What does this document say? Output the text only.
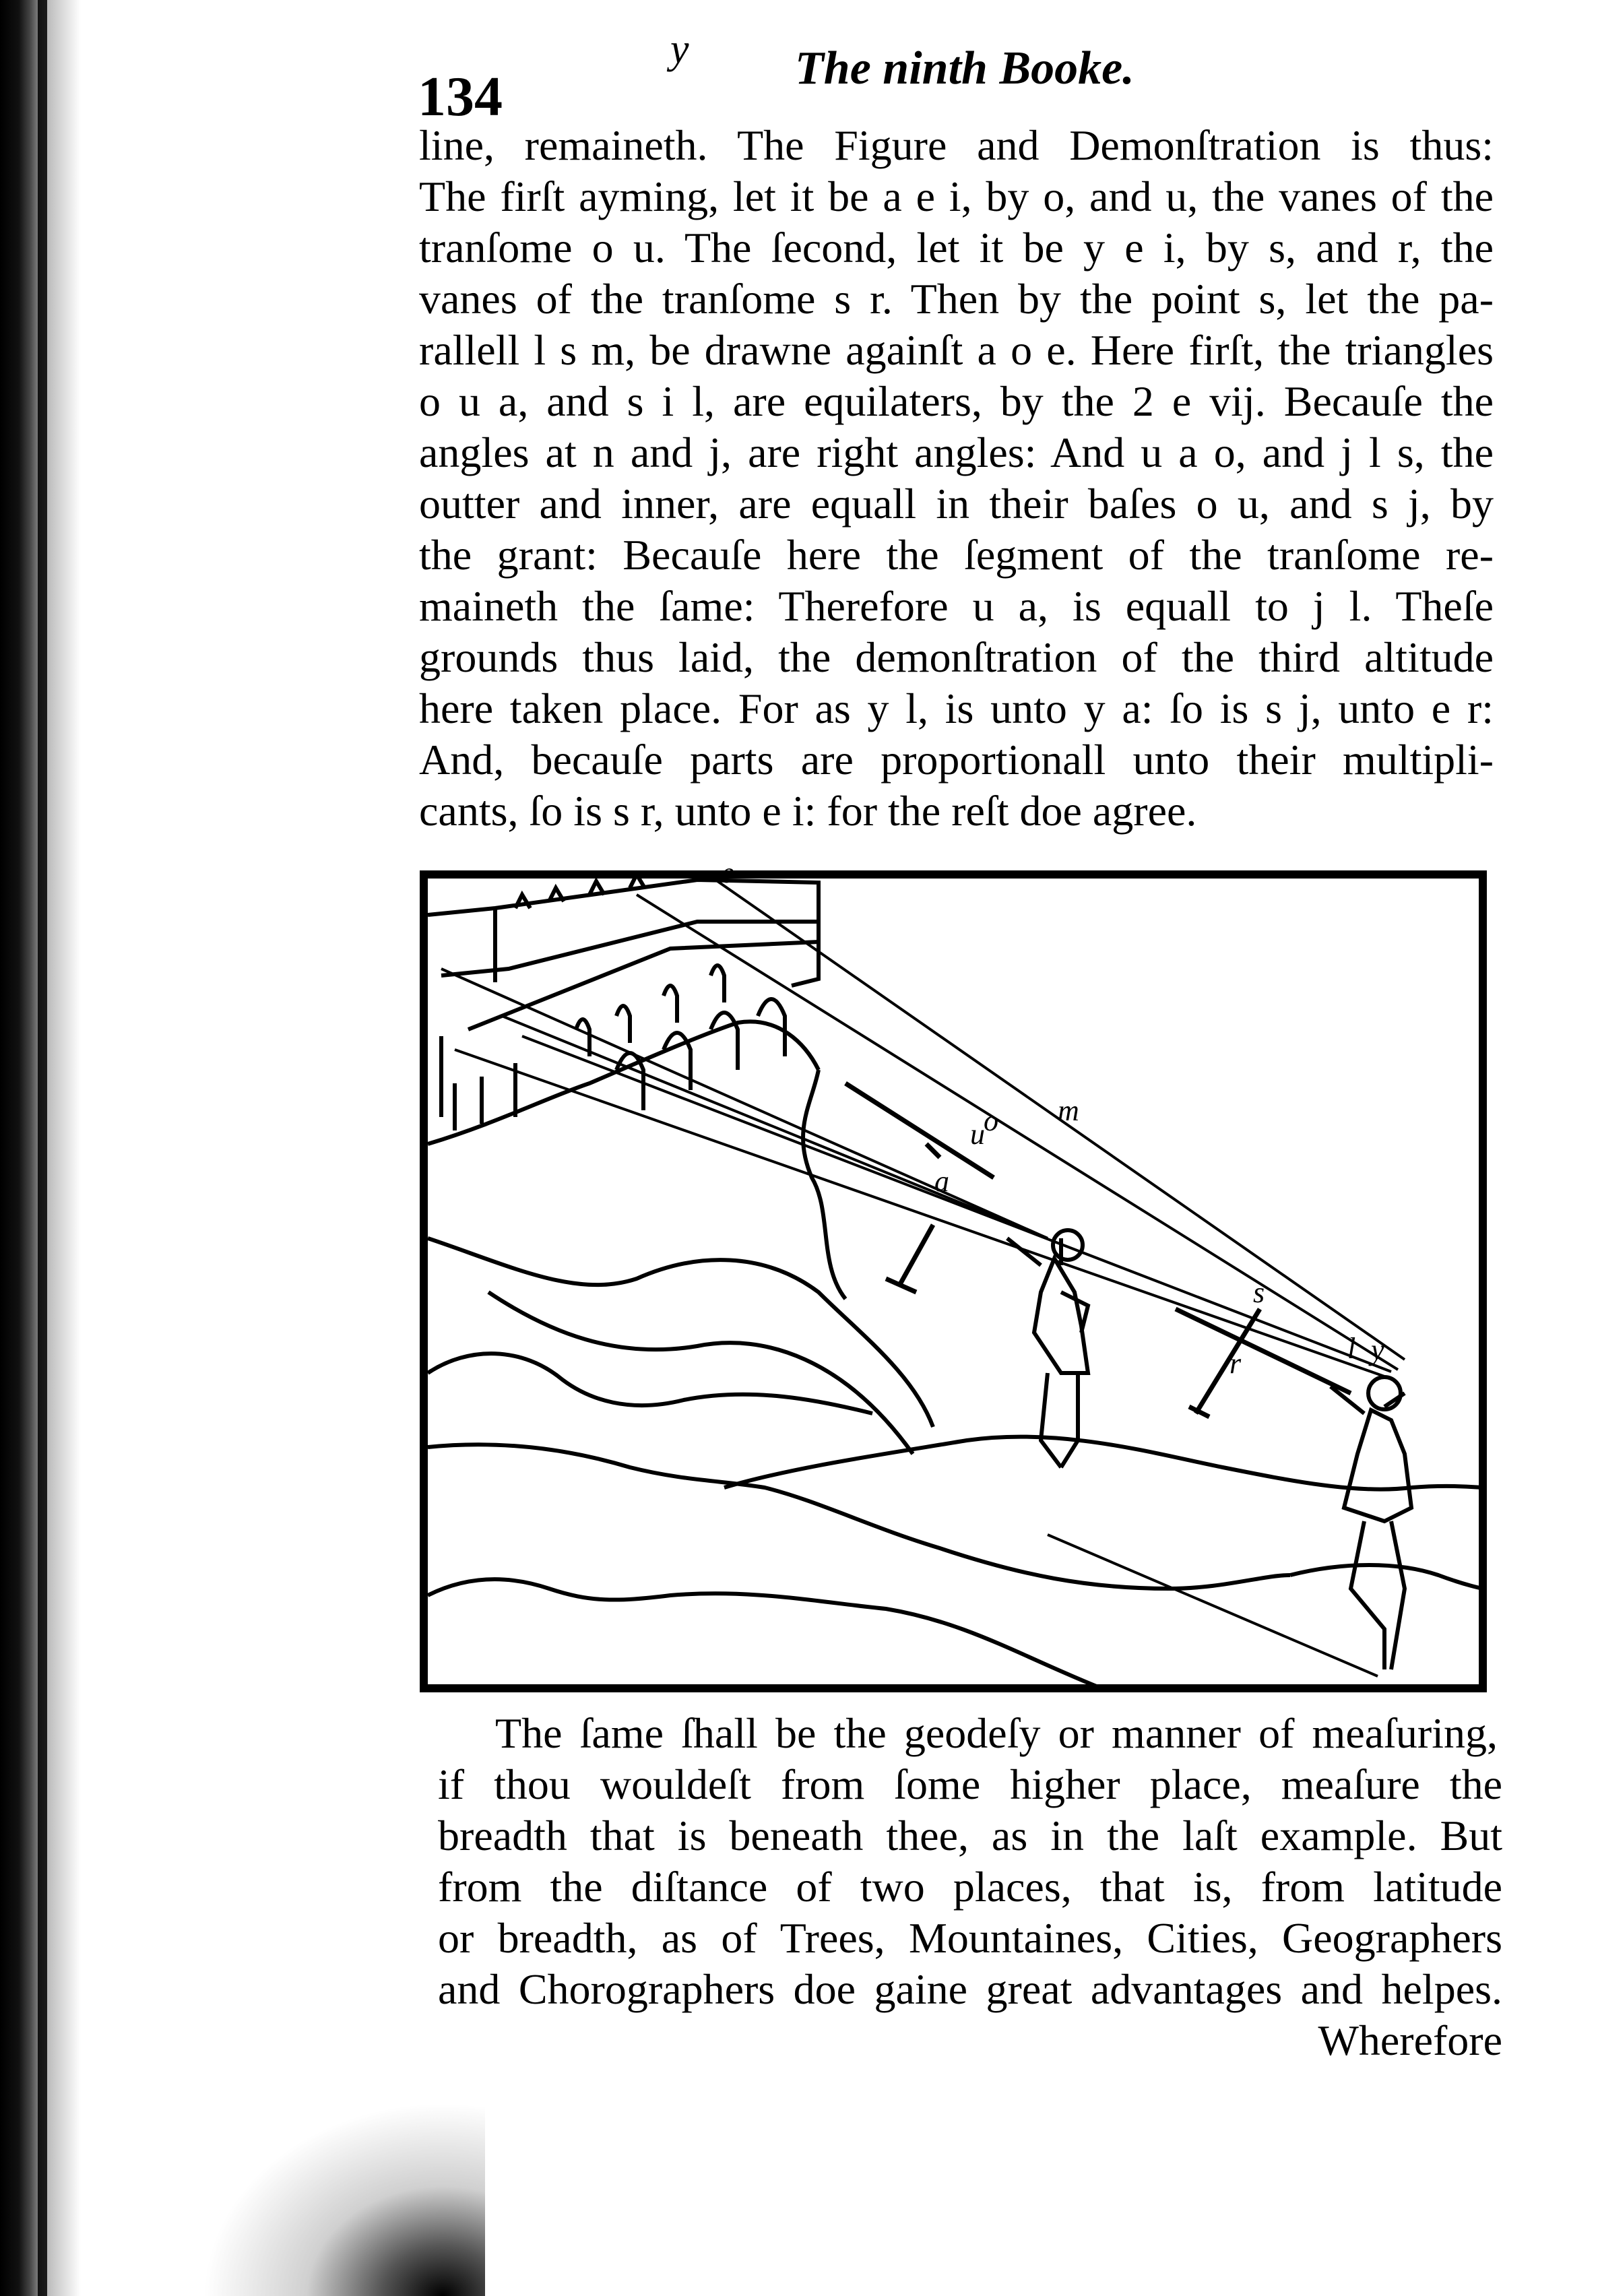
134
y The ninth Booke.
line, remaineth. The Figure and Demonſtration is thus:
The firſt ayming, let it be a e i, by o, and u, the vanes of the
tranſome o u. The ſecond, let it be y e i, by s, and r, the
vanes of the tranſome s r. Then by the point s, let the pa-
rallell l s m, be drawne againſt a o e. Here firſt, the triangles
o u a, and s i l, are equilaters, by the 2 e vij. Becauſe the
angles at n and j, are right angles: And u a o, and j l s, the
outter and inner, are equall in their baſes o u, and s j, by
the grant: Becauſe here the ſegment of the tranſome re-
maineth the ſame: Therefore u a, is equall to j l. Theſe
grounds thus laid, the demonſtration of the third altitude
here taken place. For as y l, is unto y a: ſo is s j, unto e r:
And, becauſe parts are proportionall unto their multipli-
cants, ſo is s r, unto e i: for the reſt doe agree.
e
m
u
o
a
s
r	l y
The ſame ſhall be the geodeſy or manner of meaſuring,
if thou wouldeſt from ſome higher place, meaſure the
breadth that is beneath thee, as in the laſt example. But
from the diſtance of two places, that is, from latitude
or breadth, as of Trees, Mountaines, Cities, Geographers
and Chorographers doe gaine great advantages and helpes.
Wherefore
